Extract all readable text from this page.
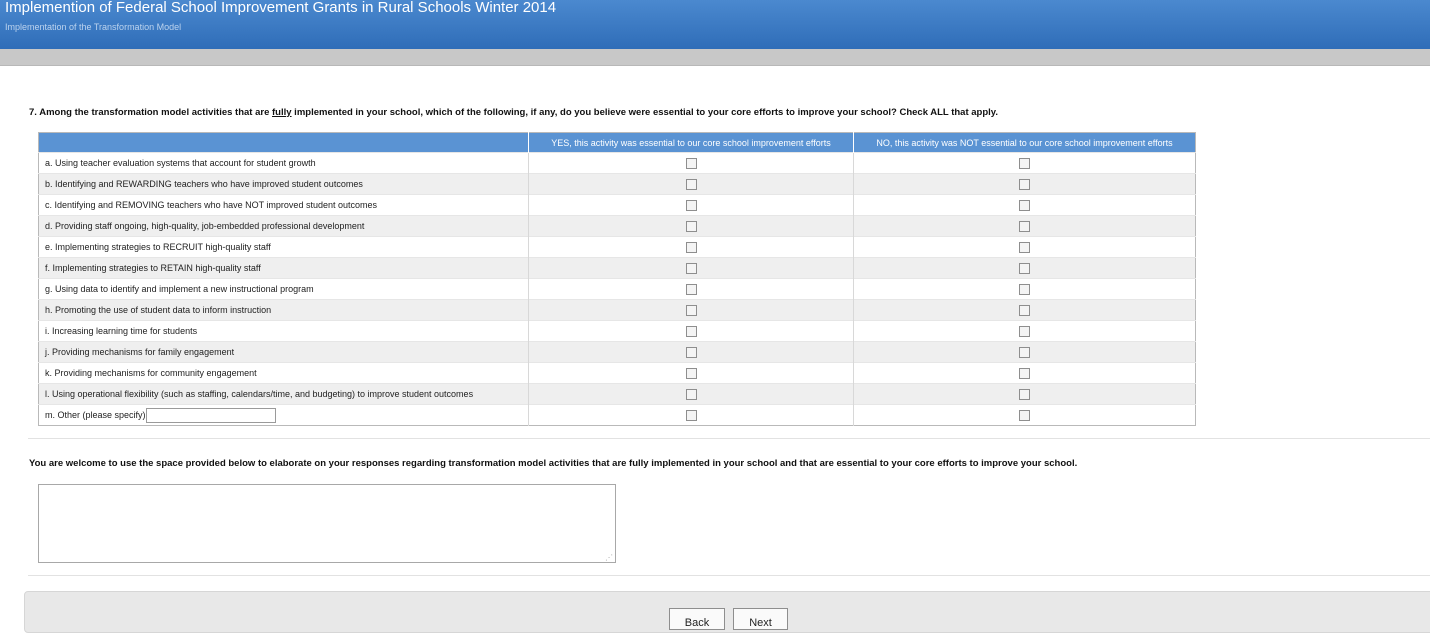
Implemention of Federal School Improvement Grants in Rural Schools Winter 2014
Implementation of the Transformation Model
7. Among the transformation model activities that are fully implemented in your school, which of the following, if any, do you believe were essential to your core efforts to improve your school? Check ALL that apply.
	YES, this activity was essential to our core school improvement efforts	NO, this activity was NOT essential to our core school improvement efforts
a. Using teacher evaluation systems that account for student growth		
b. Identifying and REWARDING teachers who have improved student outcomes		
c. Identifying and REMOVING teachers who have NOT improved student outcomes		
d. Providing staff ongoing, high-quality, job-embedded professional development		
e. Implementing strategies to RECRUIT high-quality staff		
f. Implementing strategies to RETAIN high-quality staff		
g. Using data to identify and implement a new instructional program		
h. Promoting the use of student data to inform instruction		
i. Increasing learning time for students		
j. Providing mechanisms for family engagement		
k. Providing mechanisms for community engagement		
l. Using operational flexibility (such as staffing, calendars/time, and budgeting) to improve student outcomes		
m. Other (please specify)		
You are welcome to use the space provided below to elaborate on your responses regarding transformation model activities that are fully implemented in your school and that are essential to your core efforts to improve your school.
⋰
Back	Next
